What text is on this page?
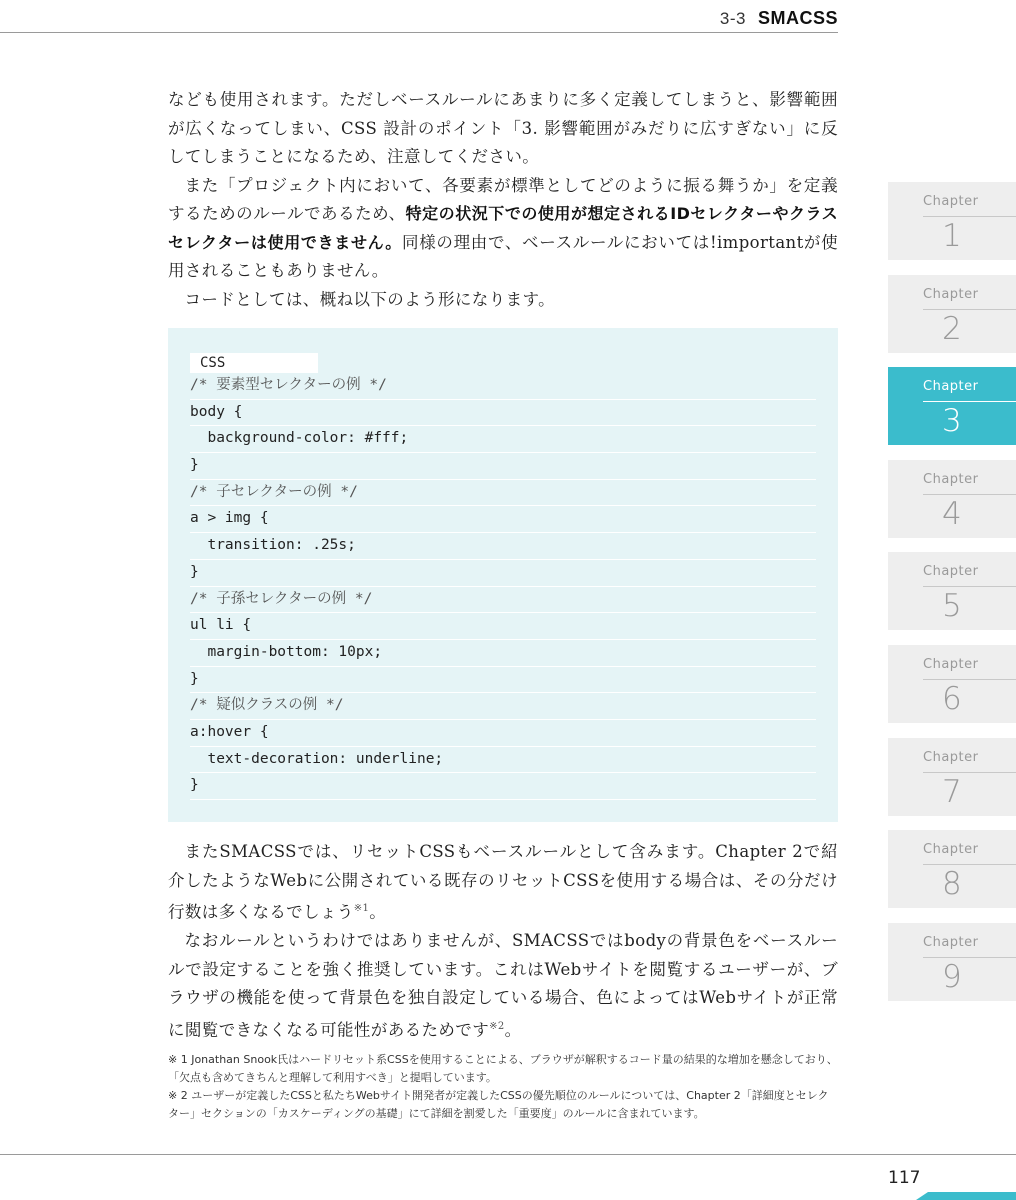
3-3 SMACSS

なども使用されます。ただしベースルールにあまりに多く定義してしまうと、影響範囲が広くなってしまい、CSS 設計のポイント「3. 影響範囲がみだりに広すぎない」に反してしまうことになるため、注意してください。

また「プロジェクト内において、各要素が標準としてどのように振る舞うか」を定義するためのルールであるため、特定の状況下での使用が想定されるIDセレクターやクラスセレクターは使用できません。同様の理由で、ベースルールにおいては!importantが使用されることもありません。

コードとしては、概ね以下のよう形になります。

CSS
/* 要素型セレクターの例 */
body {
background-color: #fff;
}
/* 子セレクターの例 */
a > img {
transition: .25s;
}
/* 子孫セレクターの例 */
ul li {
margin-bottom: 10px;
}
/* 疑似クラスの例 */
a:hover {
text-decoration: underline;
}

またSMACSSでは、リセットCSSもベースルールとして含みます。Chapter 2で紹介したようなWebに公開されている既存のリセットCSSを使用する場合は、その分だけ行数は多くなるでしょう$^{※1}$。

なおルールというわけではありませんが、SMACSSではbodyの背景色をベースルールで設定することを強く推奨しています。これはWebサイトを閲覧するユーザーが、ブラウザの機能を使って背景色を独自設定している場合、色によってはWebサイトが正常に閲覧できなくなる可能性があるためです$^{※2}$。

※ 1 Jonathan Snook氏はハードリセット系CSSを使用することによる、ブラウザが解釈するコード量の結果的な増加を懸念しており、「欠点も含めてきちんと理解して利用すべき」と提唱しています。

※ 2 ユーザーが定義したCSSと私たちWebサイト開発者が定義したCSSの優先順位のルールについては、Chapter 2「詳細度とセレクター」セクションの「カスケーディングの基礎」にて詳細を割愛した「重要度」のルールに含まれています。

Chapter
1
Chapter
2
Chapter
3
Chapter
4
Chapter
5
Chapter
6
Chapter
7
Chapter
8
Chapter
9
117
